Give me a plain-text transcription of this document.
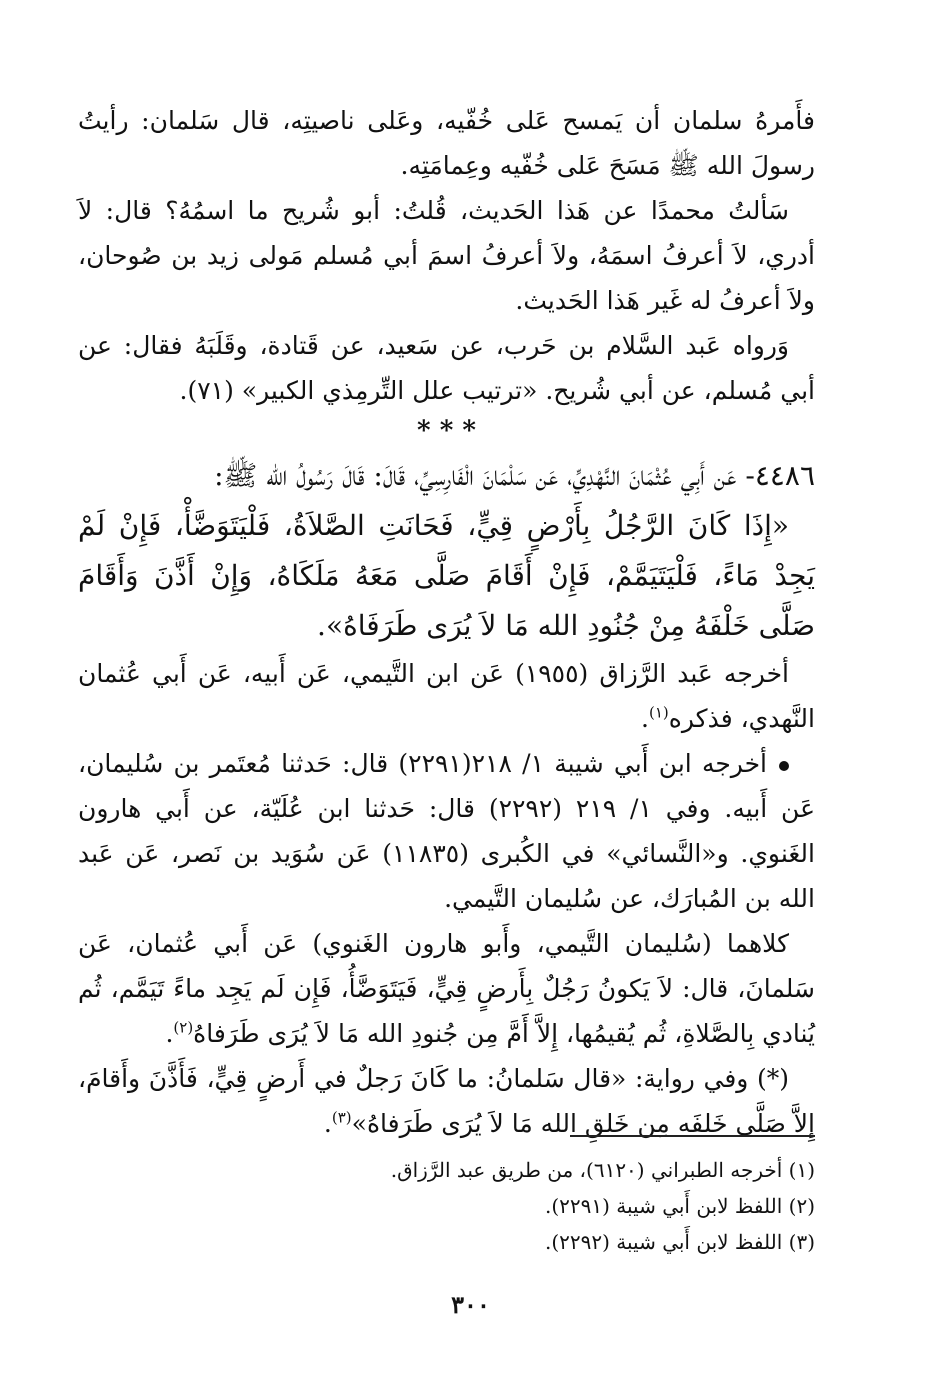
فأَمرهُ سلمان أن يَمسح عَلى خُفّيه، وعَلى ناصيتِه، قال سَلمان: رأيتُ رسولَ الله ﷺ مَسَحَ عَلى خُفّيه وعِمامَتِه.

سَألتُ محمدًا عن هَذا الحَديث، قُلتُ: أبو شُريح ما اسمُهُ؟ قال: لاَ أدري، لاَ أعرفُ اسمَهُ، ولاَ أعرفُ اسمَ أبي مُسلم مَولى زيد بن صُوحان، ولاَ أعرفُ له غَير هَذا الحَديث.

وَرواه عَبد السَّلام بن حَرب، عن سَعيد، عن قَتادة، وقَلَبَهُ فقال: عن أبي مُسلم، عن أبي شُريح. «ترتيب علل التِّرمِذي الكبير» (٧١).

* * *

٤٤٨٦- عَن أَبِي عُثْمَانَ النَّهْدِيِّ، عَن سَلْمَانَ الْفَارِسِيِّ، قَالَ: قَالَ رَسُولُ الله ﷺ:

«إِذَا كَانَ الرَّجُلُ بِأَرْضٍ قِيٍّ، فَحَانَتِ الصَّلاَةُ، فَلْيَتَوَضَّأْ، فَإِنْ لَمْ يَجِدْ مَاءً، فَلْيَتَيَمَّمْ، فَإِنْ أَقَامَ صَلَّى مَعَهُ مَلَكَاهُ، وَإِنْ أَذَّنَ وَأَقَامَ صَلَّى خَلْفَهُ مِنْ جُنُودِ الله مَا لاَ يُرَى طَرَفَاهُ».

أخرجه عَبد الرَّزاق (١٩٥٥) عَن ابن التَّيمي، عَن أَبيه، عَن أَبي عُثمان النَّهدي، فذكره$^{(١)}$.

أخرجه ابن أَبي شيبة ١/ ٢١٨(٢٢٩١) قال: حَدثنا مُعتَمر بن سُليمان، عَن أَبيه. وفي ١/ ٢١٩ (٢٢٩٢) قال: حَدثنا ابن عُلَيّة، عن أَبي هارون الغَنوي. و«النَّسائي» في الكُبرى (١١٨٣٥) عَن سُوَيد بن نَصر، عَن عَبد الله بن المُبارَك، عن سُليمان التَّيمي.

كلاهما (سُليمان التَّيمي، وأَبو هارون الغَنوي) عَن أَبي عُثمان، عَن سَلمانَ، قال: لاَ يَكونُ رَجُلٌ بِأَرضٍ قِيٍّ، فَيَتَوَضَّأُ، فَإِن لَم يَجِد ماءً تَيَمَّم، ثُم يُنادي بِالصَّلاةِ، ثُم يُقيمُها، إِلاَّ أَمَّ مِن جُنودِ الله مَا لاَ يُرَى طَرَفاهُ$^{(٢)}$.

(*) وفي رواية: «قال سَلمانُ: ما كَانَ رَجلٌ في أَرضٍ قِيٍّ، فَأَذَّنَ وأَقامَ، إِلاَّ صَلَّى خَلفَه مِن خَلقِ الله مَا لاَ يُرَى طَرَفاهُ»$^{(٣)}$.

(١) أخرجه الطبراني (٦١٢٠)، من طريق عبد الرَّزاق.

(٢) اللفظ لابن أَبي شيبة (٢٢٩١).

(٣) اللفظ لابن أَبي شيبة (٢٢٩٢).

٣٠٠
